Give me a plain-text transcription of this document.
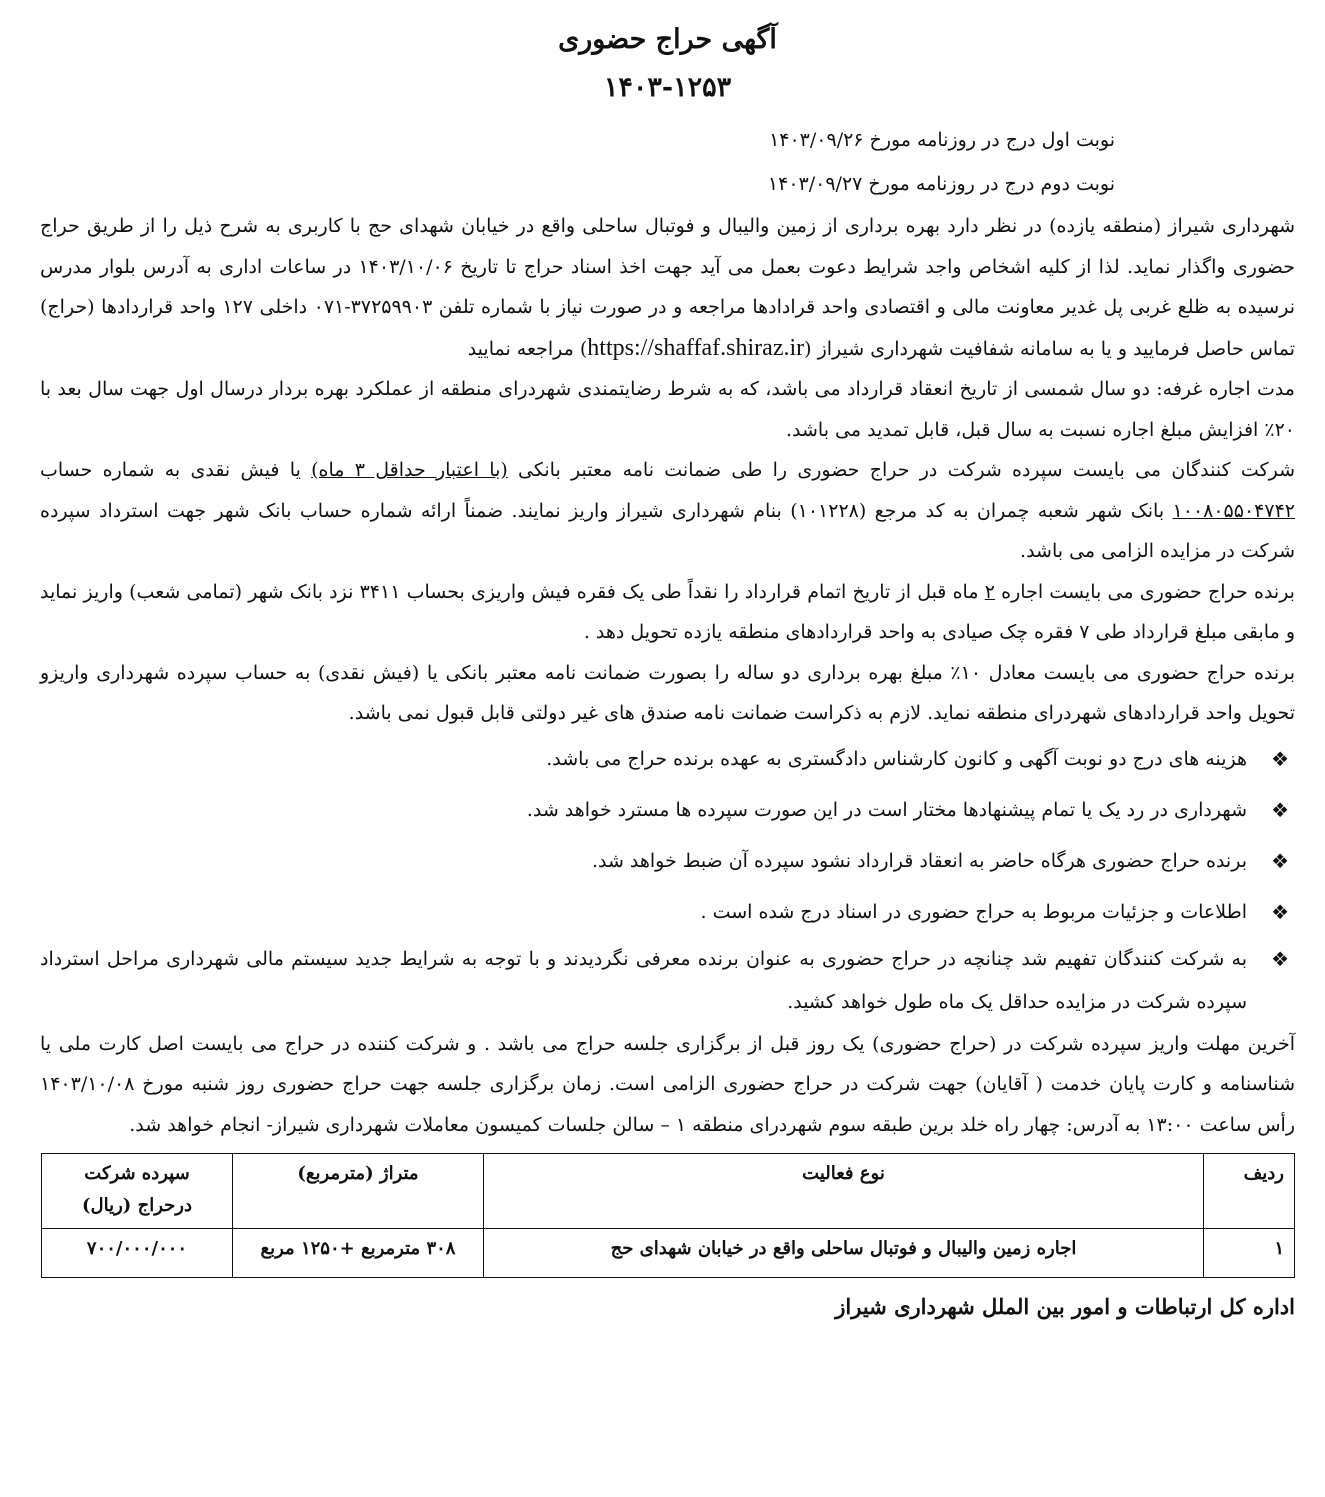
آگهی حراج حضوری
۱۴۰۳-۱۲۵۳

نوبت اول درج در روزنامه مورخ ۱۴۰۳/۰۹/۲۶

نوبت دوم درج در روزنامه مورخ ۱۴۰۳/۰۹/۲۷

شهرداری شیراز (منطقه یازده) در نظر دارد بهره برداری از زمین والیبال و فوتبال ساحلی واقع در خیابان شهدای حج با کاربری به شرح ذیل را از طریق حراج حضوری واگذار نماید. لذا از کلیه اشخاص واجد شرایط دعوت بعمل می آید جهت اخذ اسناد حراج تا تاریخ ۱۴۰۳/۱۰/۰۶ در ساعات اداری به آدرس بلوار مدرس نرسیده به ظلع غربی پل غدیر معاونت مالی و اقتصادی واحد قرادادها مراجعه و در صورت نیاز با شماره تلفن ۳۷۲۵۹۹۰۳-۰۷۱ داخلی ۱۲۷ واحد قراردادها (حراج) تماس حاصل فرمایید و یا به سامانه شفافیت شهرداری شیراز (https://shaffaf.shiraz.ir) مراجعه نمایید

مدت اجاره غرفه: دو سال شمسی از تاریخ انعقاد قرارداد می باشد، که به شرط رضایتمندی شهردرای منطقه از عملکرد بهره بردار درسال اول جهت سال بعد با ۲۰٪ افزایش مبلغ اجاره نسبت به سال قبل، قابل تمدید می باشد.

شرکت کنندگان می بایست سپرده شرکت در حراج حضوری را طی ضمانت نامه معتبر بانکی (با اعتبار حداقل ۳ ماه) یا فیش نقدی به شماره حساب ۱۰۰۸۰۵۵۰۴۷۴۲ بانک شهر شعبه چمران به کد مرجع (۱۰۱۲۲۸) بنام شهرداری شیراز واریز نمایند. ضمناً ارائه شماره حساب بانک شهر جهت استرداد سپرده شرکت در مزایده الزامی می باشد.

برنده حراج حضوری می بایست اجاره ۲ ماه قبل از تاریخ اتمام قرارداد را نقداً طی یک فقره فیش واریزی بحساب ۳۴۱۱ نزد بانک شهر (تمامی شعب) واریز نماید و مابقی مبلغ قرارداد طی ۷ فقره چک صیادی به واحد قراردادهای منطقه یازده تحویل دهد .

برنده حراج حضوری می بایست معادل ۱۰٪ مبلغ بهره برداری دو ساله را بصورت ضمانت نامه معتبر بانکی یا (فیش نقدی) به حساب سپرده شهرداری واریزو تحویل واحد قراردادهای شهردرای منطقه نماید. لازم به ذکراست ضمانت نامه صندق های غیر دولتی قابل قبول نمی باشد.

❖
هزینه های درج دو نوبت آگهی و کانون کارشناس دادگستری به عهده برنده حراج می باشد.
❖
شهرداری در رد یک یا تمام پیشنهادها مختار است در این صورت سپرده ها مسترد خواهد شد.
❖
برنده حراج حضوری هرگاه حاضر به انعقاد قرارداد نشود سپرده آن ضبط خواهد شد.
❖
اطلاعات و جزئیات مربوط به حراج حضوری در اسناد درج شده است .
❖
به شرکت کنندگان تفهیم شد چنانچه در حراج حضوری به عنوان برنده معرفی نگردیدند و با توجه به شرایط جدید سیستم مالی شهرداری مراحل استرداد سپرده شرکت در مزایده حداقل یک ماه طول خواهد کشید.

آخرین مهلت واریز سپرده شرکت در (حراج حضوری) یک روز قبل از برگزاری جلسه حراج می باشد . و شرکت کننده در حراج می بایست اصل کارت ملی یا شناسنامه و کارت پایان خدمت ( آقایان) جهت شرکت در حراج حضوری الزامی است. زمان برگزاری جلسه جهت حراج حضوری روز شنبه مورخ ۱۴۰۳/۱۰/۰۸ رأس ساعت ۱۳:۰۰ به آدرس: چهار راه خلد برین طبقه سوم شهردرای منطقه ۱ – سالن جلسات کمیسون معاملات شهرداری شیراز- انجام خواهد شد.

ردیف	نوع فعالیت	متراژ (مترمربع)	سپرده شرکت
درحراج (ریال)
۱	اجاره زمین والیبال و فوتبال ساحلی واقع در خیابان شهدای حج	۳۰۸ مترمربع +۱۲۵۰ مربع	۷۰۰/۰۰۰/۰۰۰
اداره کل ارتباطات و امور بین الملل شهرداری شیراز
